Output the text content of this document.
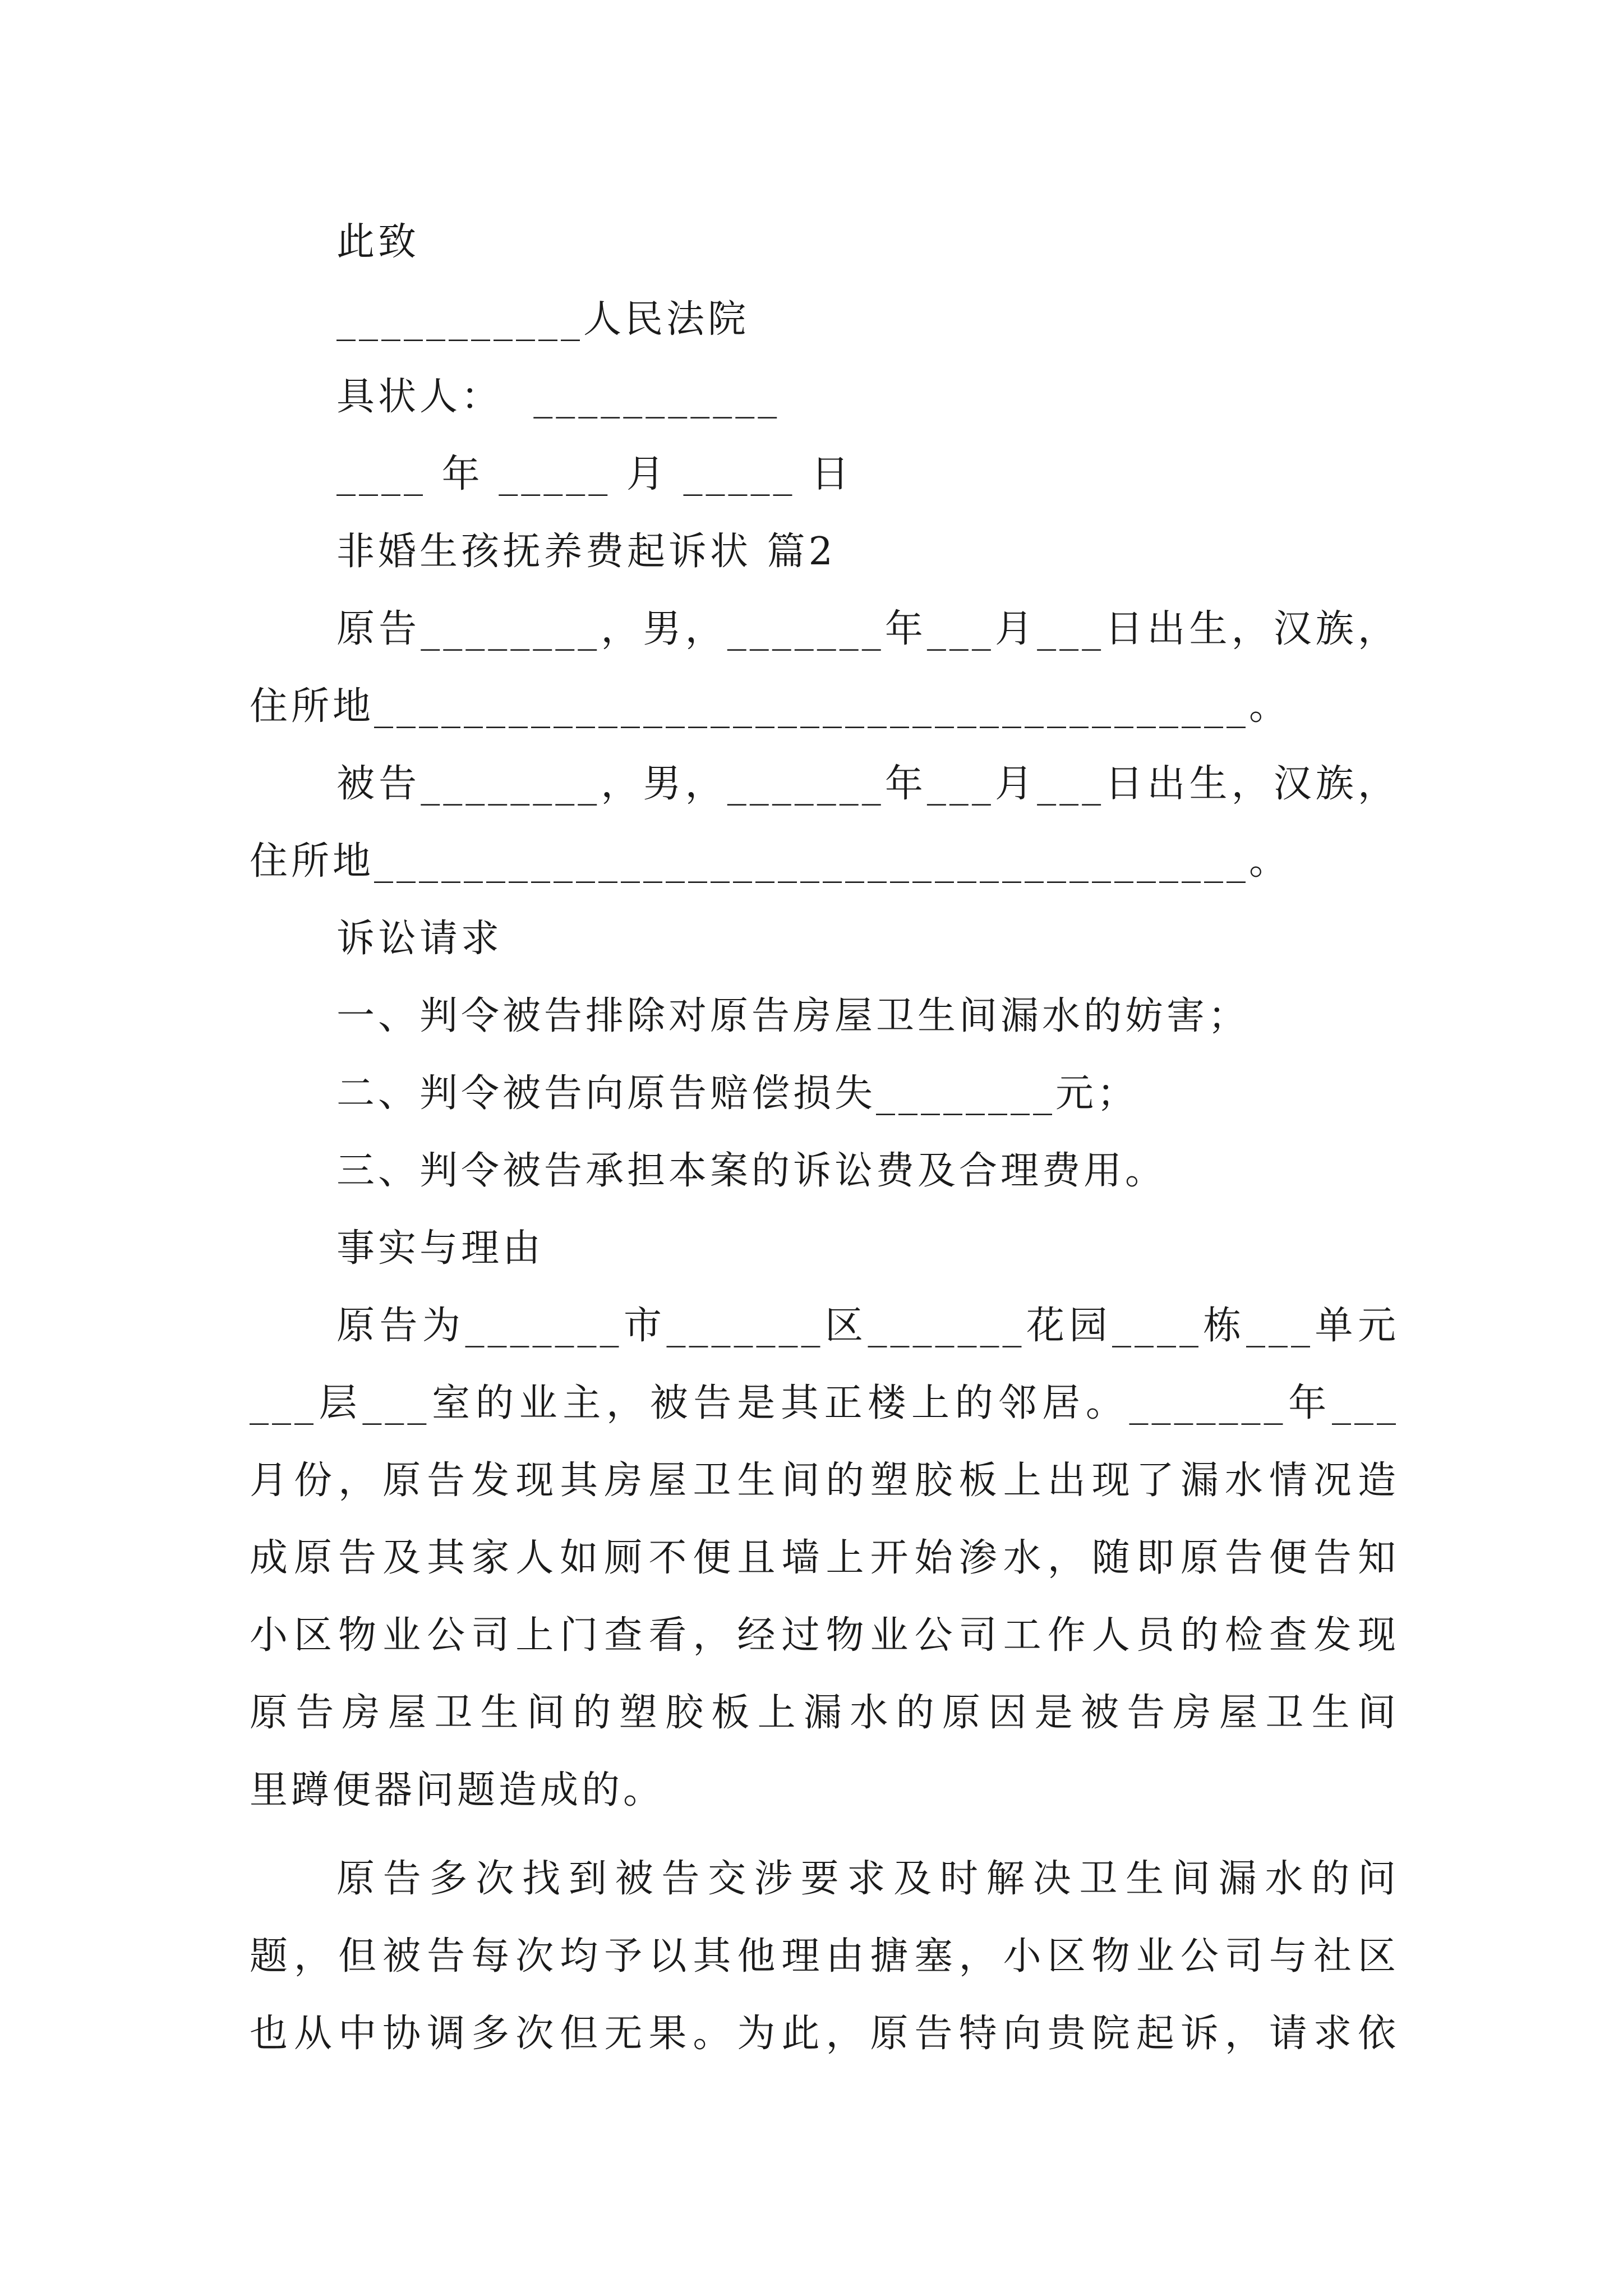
此致
___________人民法院
具状人：  ___________
____ 年 _____ 月 _____ 日
非婚生孩抚养费起诉状 篇2
原告________，男，_______年___月___日出生，汉族，
住所地_______________________________________。
被告________，男，_______年___月___日出生，汉族，
住所地_______________________________________。
诉讼请求
一、判令被告排除对原告房屋卫生间漏水的妨害；
二、判令被告向原告赔偿损失________元；
三、判令被告承担本案的诉讼费及合理费用。
事实与理由
原告为_______市_______区_______花园____栋___单元
___层___室的业主，被告是其正楼上的邻居。_______年___
月份，原告发现其房屋卫生间的塑胶板上出现了漏水情况造
成原告及其家人如厕不便且墙上开始渗水，随即原告便告知
小区物业公司上门查看，经过物业公司工作人员的检查发现
原告房屋卫生间的塑胶板上漏水的原因是被告房屋卫生间
里蹲便器问题造成的。
原告多次找到被告交涉要求及时解决卫生间漏水的问
题，但被告每次均予以其他理由搪塞，小区物业公司与社区
也从中协调多次但无果。为此，原告特向贵院起诉，请求依
